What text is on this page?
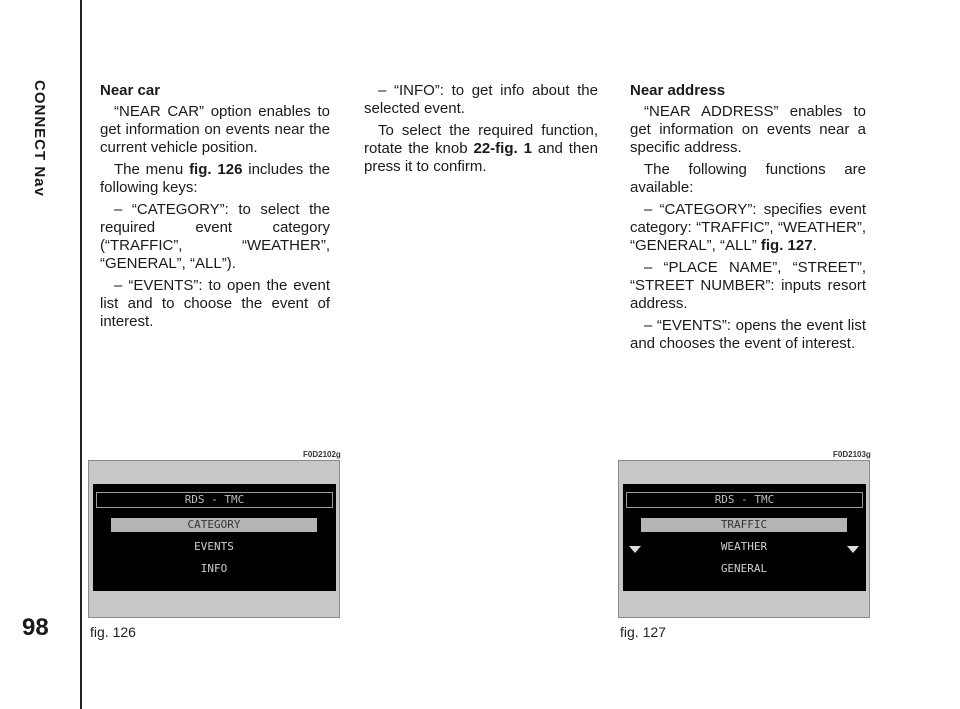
CONNECT Nav
98

Near car

“NEAR CAR” option enables to get information on events near the current vehicle position.

The menu fig. 126 includes the following keys:

– “CATEGORY”: to select the required event category (“TRAFFIC”, “WEATHER”, “GENERAL”, “ALL”).

– “EVENTS”: to open the event list and to choose the event of interest.

– “INFO”: to get info about the selected event.

To select the required function, rotate the knob 22-fig. 1 and then press it to confirm.

Near address

“NEAR ADDRESS” enables to get information on events near a specific address.

The following functions are available:

– “CATEGORY”: specifies event category: “TRAFFIC”, “WEATHER”, “GENERAL”, “ALL” fig. 127.

– “PLACE NAME”, “STREET”, “STREET NUMBER”: inputs resort address.

– “EVENTS”: opens the event list and chooses the event of interest.

F0D2102g
RDS - TMC
CATEGORY
EVENTS
INFO
fig. 126
F0D2103g
RDS - TMC
TRAFFIC
WEATHER
GENERAL
fig. 127
